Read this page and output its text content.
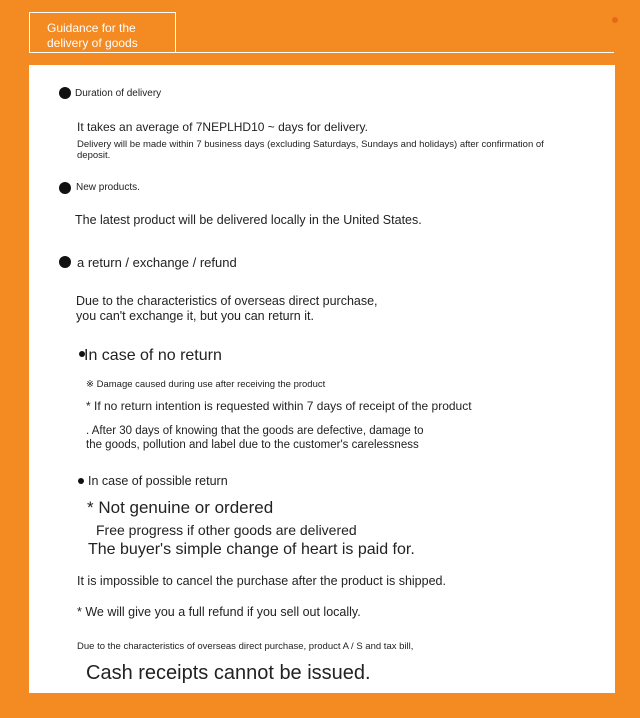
Guidance for the
delivery of goods
Duration of delivery
It takes an average of 7NEPLHD10 ~ days for delivery.
Delivery will be made within 7 business days (excluding Saturdays, Sundays and holidays) after confirmation of
deposit.
New products.
The latest product will be delivered locally in the United States.
a return / exchange / refund
Due to the characteristics of overseas direct purchase,
you can't exchange it, but you can return it.
In case of no return
※ Damage caused during use after receiving the product
* If no return intention is requested within 7 days of receipt of the product
. After 30 days of knowing that the goods are defective, damage to
the goods, pollution and label due to the customer's carelessness
In case of possible return
* Not genuine or ordered
Free progress if other goods are delivered
The buyer's simple change of heart is paid for.
It is impossible to cancel the purchase after the product is shipped.
* We will give you a full refund if you sell out locally.
Due to the characteristics of overseas direct purchase, product A / S and tax bill,
Cash receipts cannot be issued.
